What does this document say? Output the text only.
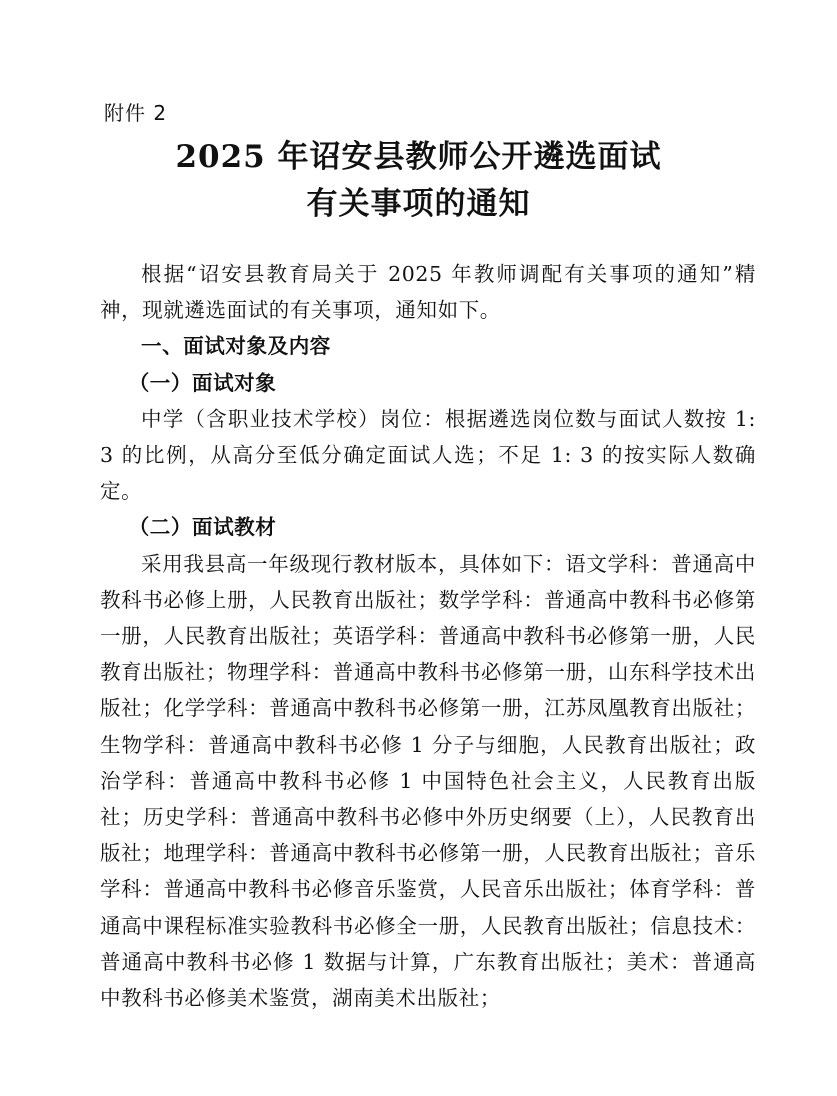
附件 2
2025 年诏安县教师公开遴选面试
有关事项的通知

根据“诏安县教育局关于 2025 年教师调配有关事项的通知”精神，现就遴选面试的有关事项，通知如下。

一、面试对象及内容

（一）面试对象

中学（含职业技术学校）岗位：根据遴选岗位数与面试人数按 1: 3 的比例，从高分至低分确定面试人选；不足 1: 3 的按实际人数确定。

（二）面试教材

采用我县高一年级现行教材版本，具体如下：语文学科：普通高中教科书必修上册，人民教育出版社；数学学科：普通高中教科书必修第一册，人民教育出版社；英语学科：普通高中教科书必修第一册，人民教育出版社；物理学科：普通高中教科书必修第一册，山东科学技术出版社；化学学科：普通高中教科书必修第一册，江苏凤凰教育出版社；生物学科：普通高中教科书必修 1 分子与细胞，人民教育出版社；政治学科：普通高中教科书必修 1 中国特色社会主义，人民教育出版社；历史学科：普通高中教科书必修中外历史纲要（上），人民教育出版社；地理学科：普通高中教科书必修第一册，人民教育出版社；音乐学科：普通高中教科书必修音乐鉴赏，人民音乐出版社；体育学科：普通高中课程标准实验教科书必修全一册，人民教育出版社；信息技术：普通高中教科书必修 1 数据与计算，广东教育出版社；美术：普通高中教科书必修美术鉴赏，湖南美术出版社；
